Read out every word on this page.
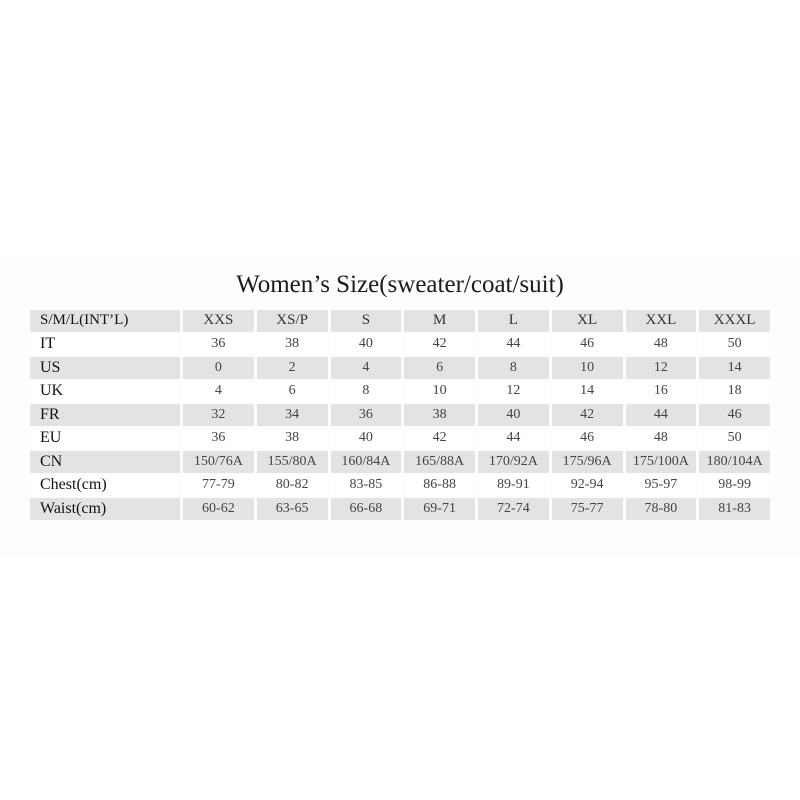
Women’s Size(sweater/coat/suit)
S/M/L(INT’L)	XXS	XS/P	S	M	L	XL	XXL	XXXL
IT	36	38	40	42	44	46	48	50
US	0	2	4	6	8	10	12	14
UK	4	6	8	10	12	14	16	18
FR	32	34	36	38	40	42	44	46
EU	36	38	40	42	44	46	48	50
CN	150/76A	155/80A	160/84A	165/88A	170/92A	175/96A	175/100A	180/104A
Chest(cm)	77-79	80-82	83-85	86-88	89-91	92-94	95-97	98-99
Waist(cm)	60-62	63-65	66-68	69-71	72-74	75-77	78-80	81-83
